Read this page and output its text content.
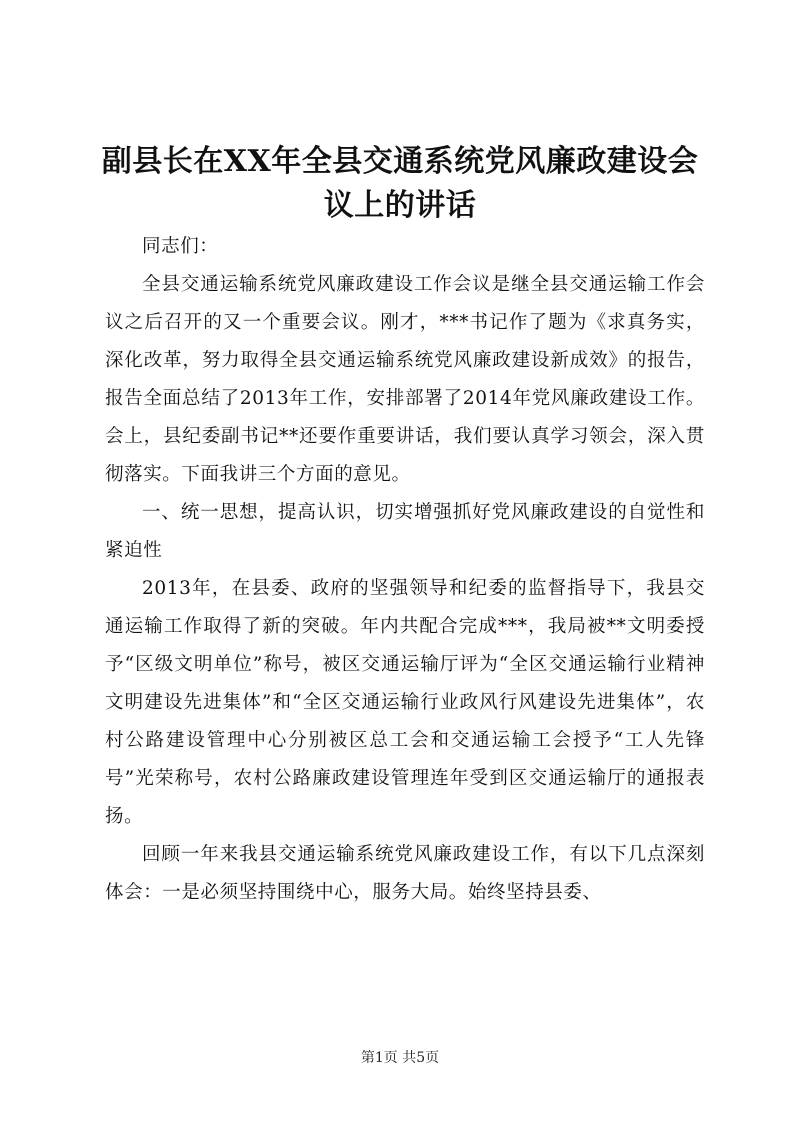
副县长在XX年全县交通系统党风廉政建设会
议上的讲话

同志们：

全县交通运输系统党风廉政建设工作会议是继全县交通运输工作会议之后召开的又一个重要会议。刚才，***书记作了题为《求真务实，深化改革，努力取得全县交通运输系统党风廉政建设新成效》的报告，报告全面总结了2013年工作，安排部署了2014年党风廉政建设工作。会上，县纪委副书记**还要作重要讲话，我们要认真学习领会，深入贯彻落实。下面我讲三个方面的意见。

一、统一思想，提高认识，切实增强抓好党风廉政建设的自觉性和紧迫性

2013年，在县委、政府的坚强领导和纪委的监督指导下，我县交通运输工作取得了新的突破。年内共配合完成***，我局被**文明委授予“区级文明单位”称号，被区交通运输厅评为“全区交通运输行业精神文明建设先进集体”和“全区交通运输行业政风行风建设先进集体”，农村公路建设管理中心分别被区总工会和交通运输工会授予“工人先锋号”光荣称号，农村公路廉政建设管理连年受到区交通运输厅的通报表扬。

回顾一年来我县交通运输系统党风廉政建设工作，有以下几点深刻体会：一是必须坚持围绕中心，服务大局。始终坚持县委、

第1页 共5页
